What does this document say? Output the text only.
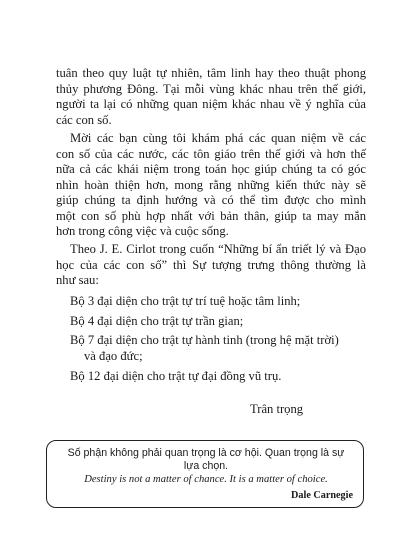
tuân theo quy luật tự nhiên, tâm linh hay theo thuật phong
thủy phương Đông. Tại mỗi vùng khác nhau trên thế giới,
người ta lại có những quan niệm khác nhau về ý nghĩa của
các con số.

Mời các bạn cùng tôi khám phá các quan niệm về các
con số của các nước, các tôn giáo trên thế giới và hơn thế
nữa cả các khái niệm trong toán học giúp chúng ta có góc
nhìn hoàn thiện hơn, mong rằng những kiến thức này sẽ
giúp chúng ta định hướng và có thể tìm được cho mình
một con số phù hợp nhất với bản thân, giúp ta may mắn
hơn trong công việc và cuộc sống.

Theo J. E. Cirlot trong cuốn “Những bí ẩn triết lý và Đạo
học của các con số” thì Sự tượng trưng thông thường là
như sau:

Bộ 3 đại diện cho trật tự trí tuệ hoặc tâm linh;

Bộ 4 đại diện cho trật tự trần gian;

Bộ 7 đại diện cho trật tự hành tinh (trong hệ mặt trời)
và đạo đức;

Bộ 12 đại diện cho trật tự đại đồng vũ trụ.

Trân trọng
Số phận không phải quan trọng là cơ hội. Quan trọng là sự
lựa chọn.
Destiny is not a matter of chance. It is a matter of choice.
Dale Carnegie
